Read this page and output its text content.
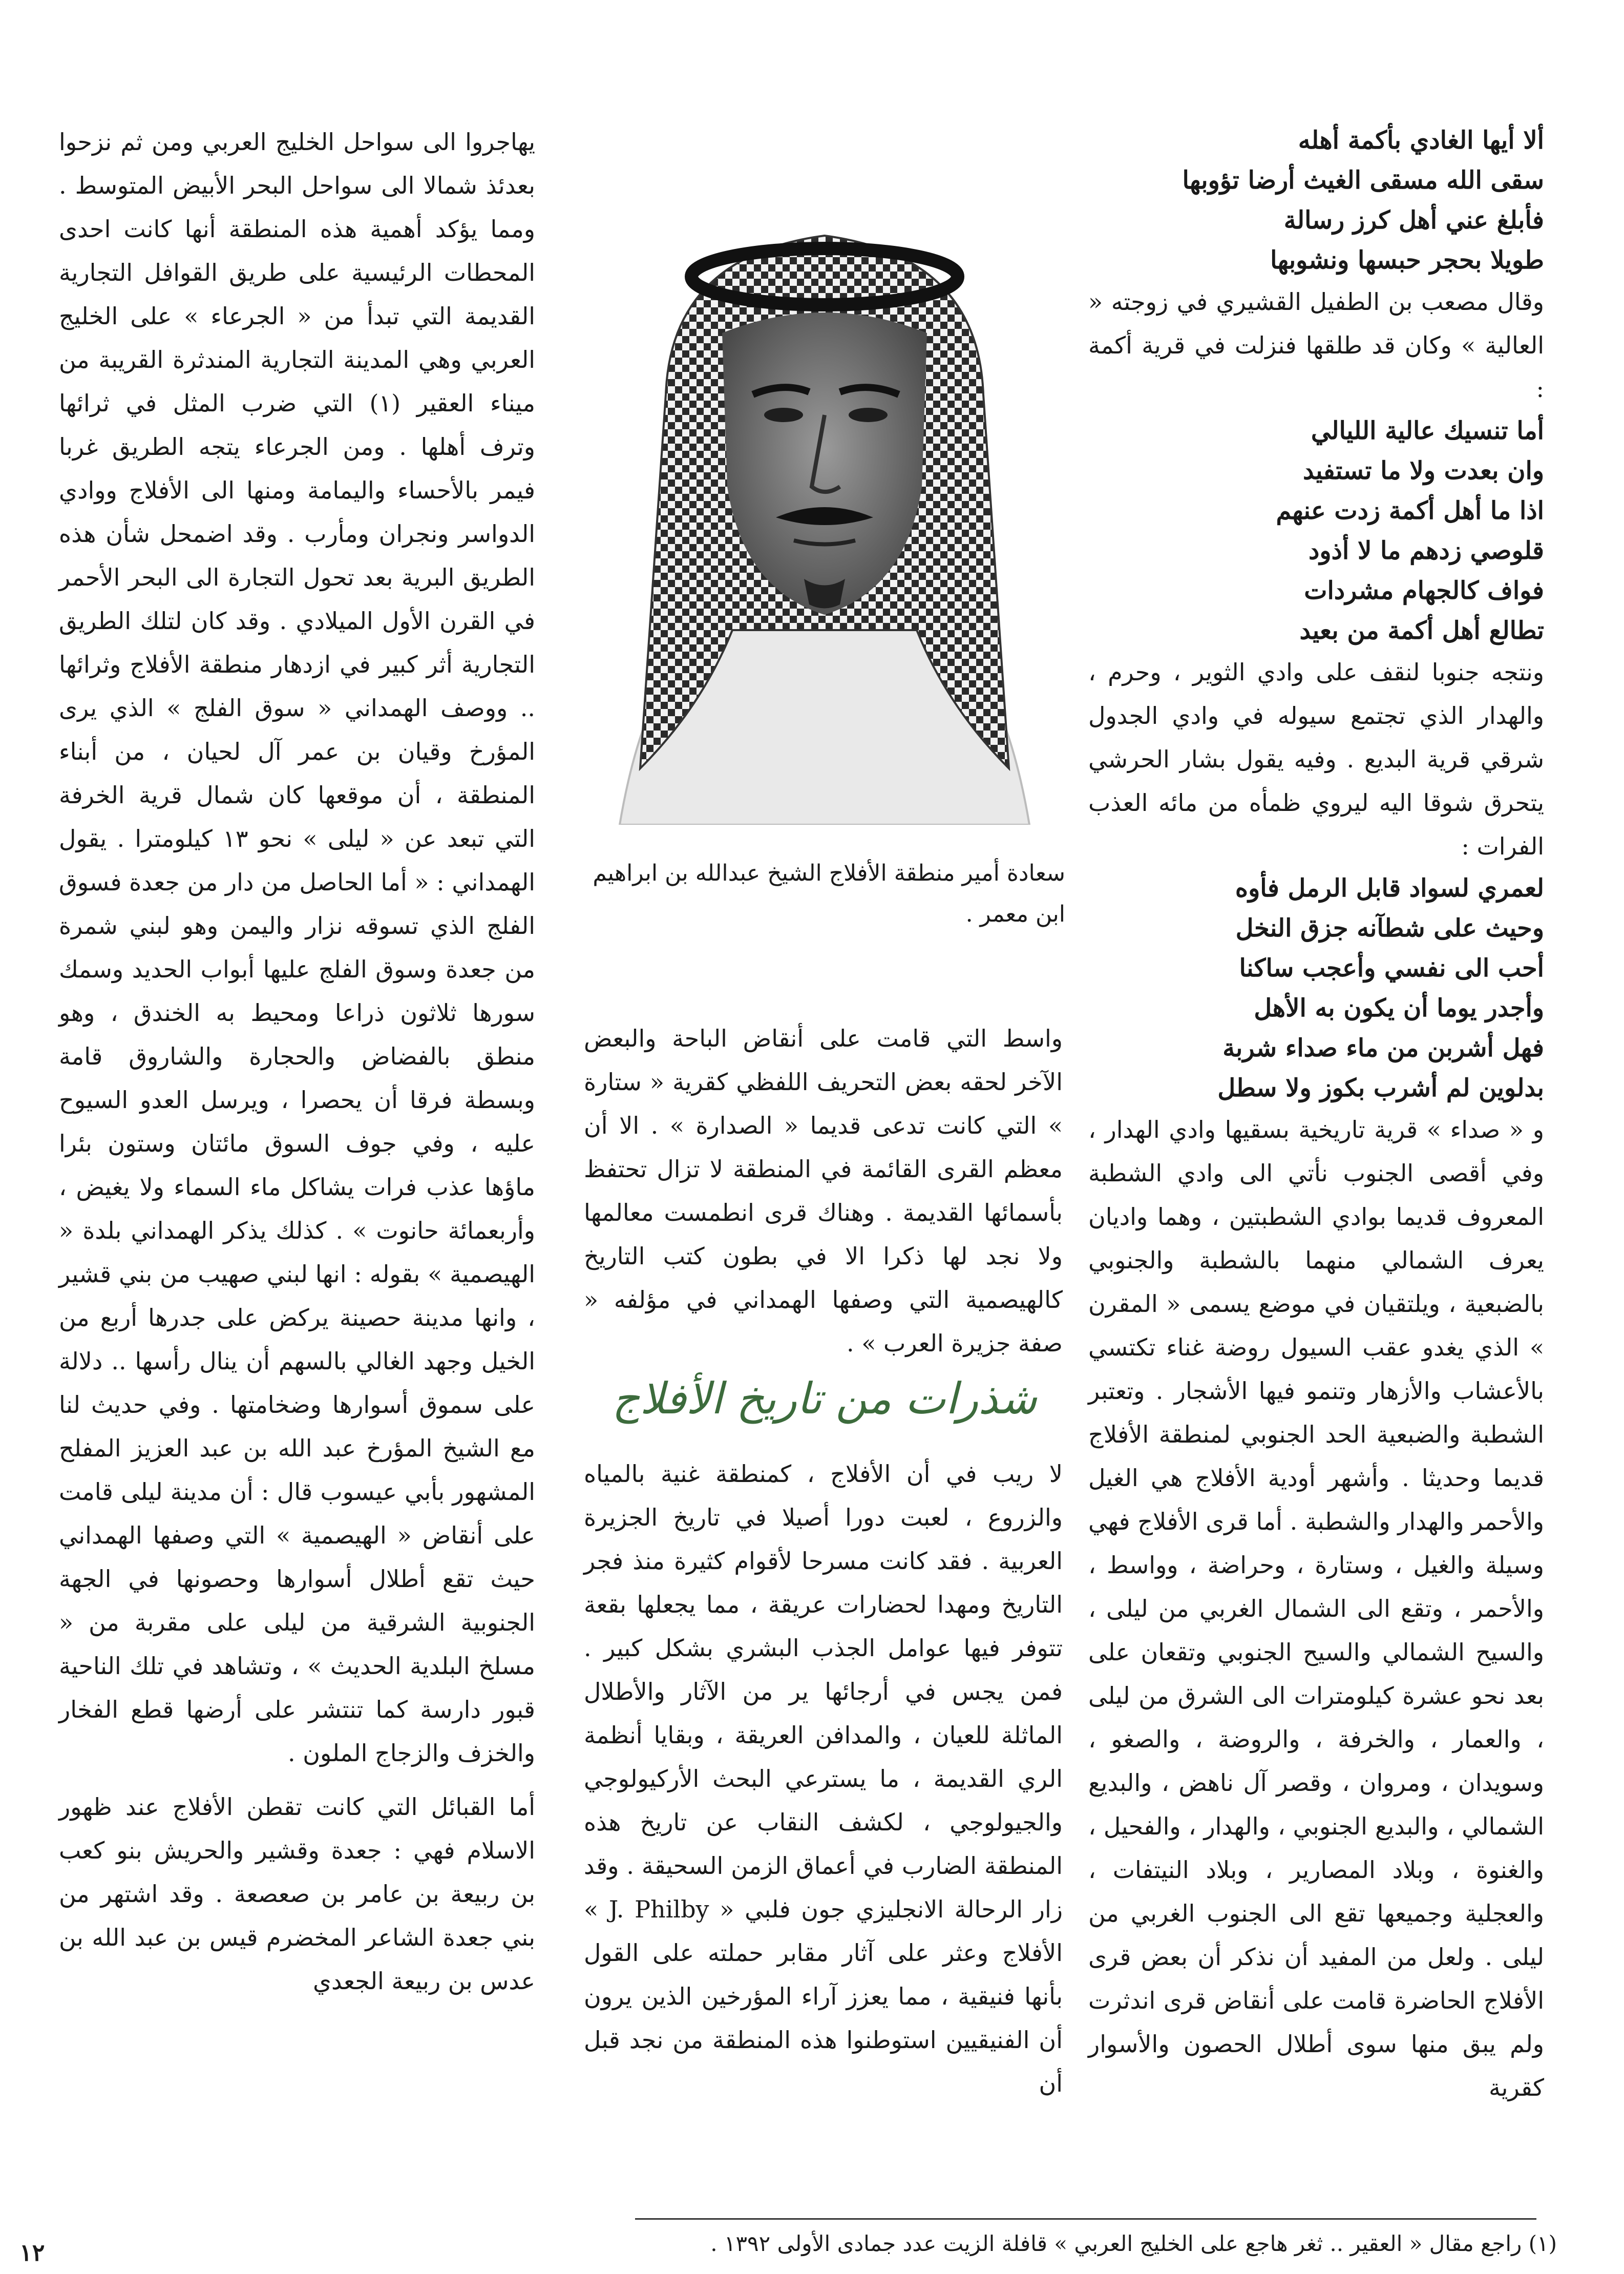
ألا أيها الغادي بأكمة أهله

سقى الله مسقى الغيث أرضا تؤوبها

فأبلغ عني أهل كرز رسالة

طويلا بحجر حبسها ونشوبها

وقال مصعب بن الطفيل القشيري في زوجته « العالية » وكان قد طلقها فنزلت في قرية أكمة :

أما تنسيك عالية الليالي

وان بعدت ولا ما تستفيد

اذا ما أهل أكمة زدت عنهم

قلوصي زدهم ما لا أذود

فواف كالجهام مشردات

تطالع أهل أكمة من بعيد

ونتجه جنوبا لنقف على وادي الثوير ، وحرم ، والهدار الذي تجتمع سيوله في وادي الجدول شرقي قرية البديع . وفيه يقول بشار الحرشي يتحرق شوقا اليه ليروي ظمأه من مائه العذب الفرات :

لعمري لسواد قابل الرمل فأوه

وحيث على شطآنه جزق النخل

أحب الى نفسي وأعجب ساكنا

وأجدر يوما أن يكون به الأهل

فهل أشربن من ماء صداء شربة

بدلوين لم أشرب بكوز ولا سطل

و « صداء » قرية تاريخية بسقيها وادي الهدار ، وفي أقصى الجنوب نأتي الى وادي الشطبة المعروف قديما بوادي الشطبتين ، وهما واديان يعرف الشمالي منهما بالشطبة والجنوبي بالضبعية ، ويلتقيان في موضع يسمى « المقرن » الذي يغدو عقب السيول روضة غناء تكتسي بالأعشاب والأزهار وتنمو فيها الأشجار . وتعتبر الشطبة والضبعية الحد الجنوبي لمنطقة الأفلاج قديما وحديثا . وأشهر أودية الأفلاج هي الغيل والأحمر والهدار والشطبة . أما قرى الأفلاج فهي وسيلة والغيل ، وستارة ، وحراضة ، وواسط ، والأحمر ، وتقع الى الشمال الغربي من ليلى ، والسيح الشمالي والسيح الجنوبي وتقعان على بعد نحو عشرة كيلومترات الى الشرق من ليلى ، والعمار ، والخرفة ، والروضة ، والصغو ، وسويدان ، ومروان ، وقصر آل ناهض ، والبديع الشمالي ، والبديع الجنوبي ، والهدار ، والفحيل ، والغنوة ، وبلاد المصارير ، وبلاد النيتفات ، والعجلية وجميعها تقع الى الجنوب الغربي من ليلى . ولعل من المفيد أن نذكر أن بعض قرى الأفلاج الحاضرة قامت على أنقاض قرى اندثرت ولم يبق منها سوى أطلال الحصون والأسوار كقرية

سعادة أمير منطقة الأفلاج الشيخ عبدالله بن ابراهيم ابن معمر .

واسط التي قامت على أنقاض الباحة والبعض الآخر لحقه بعض التحريف اللفظي كقرية « ستارة » التي كانت تدعى قديما « الصدارة » . الا أن معظم القرى القائمة في المنطقة لا تزال تحتفظ بأسمائها القديمة . وهناك قرى انطمست معالمها ولا نجد لها ذكرا الا في بطون كتب التاريخ كالهيصمية التي وصفها الهمداني في مؤلفه « صفة جزيرة العرب » .

شذرات من تاريخ الأفلاج

لا ريب في أن الأفلاج ، كمنطقة غنية بالمياه والزروع ، لعبت دورا أصيلا في تاريخ الجزيرة العربية . فقد كانت مسرحا لأقوام كثيرة منذ فجر التاريخ ومهدا لحضارات عريقة ، مما يجعلها بقعة تتوفر فيها عوامل الجذب البشري بشكل كبير . فمن يجس في أرجائها ير من الآثار والأطلال الماثلة للعيان ، والمدافن العريقة ، وبقايا أنظمة الري القديمة ، ما يسترعي البحث الأركيولوجي والجيولوجي ، لكشف النقاب عن تاريخ هذه المنطقة الضارب في أعماق الزمن السحيقة . وقد زار الرحالة الانجليزي جون فلبي « J. Philby » الأفلاج وعثر على آثار مقابر حملته على القول بأنها فنيقية ، مما يعزز آراء المؤرخين الذين يرون أن الفنيقيين استوطنوا هذه المنطقة من نجد قبل أن

يهاجروا الى سواحل الخليج العربي ومن ثم نزحوا بعدئذ شمالا الى سواحل البحر الأبيض المتوسط . ومما يؤكد أهمية هذه المنطقة أنها كانت احدى المحطات الرئيسية على طريق القوافل التجارية القديمة التي تبدأ من « الجرعاء » على الخليج العربي وهي المدينة التجارية المندثرة القريبة من ميناء العقير (١) التي ضرب المثل في ثرائها وترف أهلها . ومن الجرعاء يتجه الطريق غربا فيمر بالأحساء واليمامة ومنها الى الأفلاج ووادي الدواسر ونجران ومأرب . وقد اضمحل شأن هذه الطريق البرية بعد تحول التجارة الى البحر الأحمر في القرن الأول الميلادي . وقد كان لتلك الطريق التجارية أثر كبير في ازدهار منطقة الأفلاج وثرائها .. ووصف الهمداني « سوق الفلج » الذي يرى المؤرخ وقيان بن عمر آل لحيان ، من أبناء المنطقة ، أن موقعها كان شمال قرية الخرفة التي تبعد عن « ليلى » نحو ١٣ كيلومترا . يقول الهمداني : « أما الحاصل من دار من جعدة فسوق الفلج الذي تسوقه نزار واليمن وهو لبني شمرة من جعدة وسوق الفلج عليها أبواب الحديد وسمك سورها ثلاثون ذراعا ومحيط به الخندق ، وهو منطق بالفضاض والحجارة والشاروق قامة وبسطة فرقا أن يحصرا ، ويرسل العدو السيوح عليه ، وفي جوف السوق مائتان وستون بئرا ماؤها عذب فرات يشاكل ماء السماء ولا يغيض ، وأربعمائة حانوت » . كذلك يذكر الهمداني بلدة « الهيصمية » بقوله : انها لبني صهيب من بني قشير ، وانها مدينة حصينة يركض على جدرها أربع من الخيل وجهد الغالي بالسهم أن ينال رأسها .. دلالة على سموق أسوارها وضخامتها . وفي حديث لنا مع الشيخ المؤرخ عبد الله بن عبد العزيز المفلح المشهور بأبي عيسوب قال : أن مدينة ليلى قامت على أنقاض « الهيصمية » التي وصفها الهمداني حيث تقع أطلال أسوارها وحصونها في الجهة الجنوبية الشرقية من ليلى على مقربة من « مسلخ البلدية الحديث » ، وتشاهد في تلك الناحية قبور دارسة كما تنتشر على أرضها قطع الفخار والخزف والزجاج الملون .

أما القبائل التي كانت تقطن الأفلاج عند ظهور الاسلام فهي : جعدة وقشير والحريش بنو كعب بن ربيعة بن عامر بن صعصعة . وقد اشتهر من بني جعدة الشاعر المخضرم قيس بن عبد الله بن عدس بن ربيعة الجعدي

(١) راجع مقال « العقير .. ثغر هاجع على الخليج العربي » قافلة الزيت عدد جمادى الأولى ١٣٩٢ .
١٢
